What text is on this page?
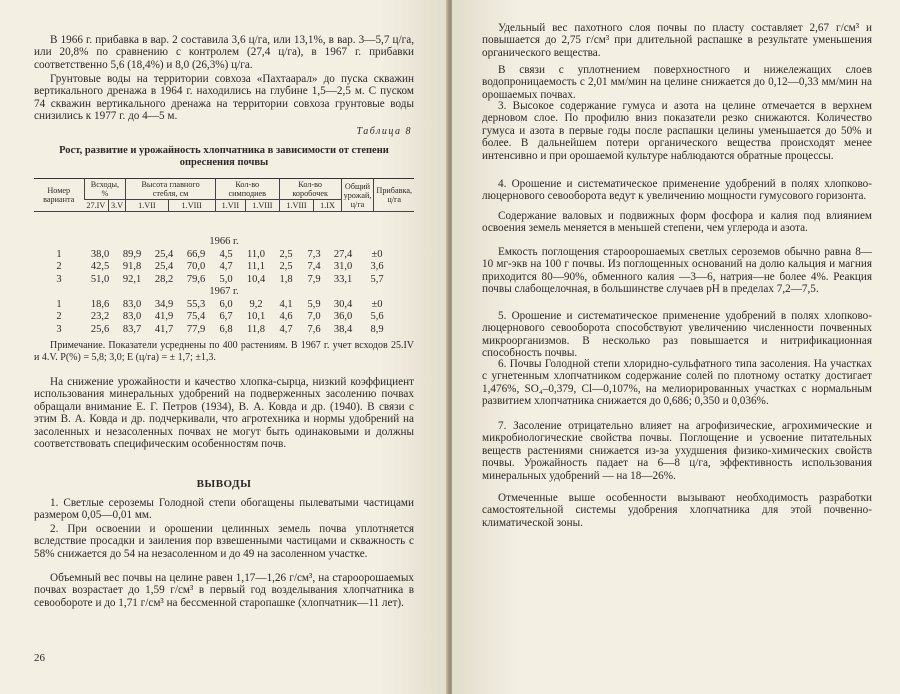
В 1966 г. прибавка в вар. 2 составила 3,6 ц/га, или 13,1%, в вар. 3—5,7 ц/га, или 20,8% по сравнению с контролем (27,4 ц/га), в 1967 г. прибавки соответственно 5,6 (18,4%) и 8,0 (26,3%) ц/га.

Грунтовые воды на территории совхоза «Пахтаарал» до пуска скважин вертикального дренажа в 1964 г. находились на глубине 1,5—2,5 м. С пуском 74 скважин вертикального дренажа на территории совхоза грунтовые воды снизились к 1977 г. до 4—5 м.

Таблица 8
Рост, развитие и урожайность хлопчатника в зависимости от степени опреснения почвы
Номер варианта	Всходы, %		Высота главного стебля, см		Кол-во симподиев		Кол-во коробочек		Общий урожай, ц/га	Прибавка, ц/га
	27.IV	3.V	1.VII	1.VIII	1.VII	1.VIII	1.VIII	1.IX		
1966 г.
1	38,0	89,9	25,4	66,9	4,5	11,0	2,5	7,3	27,4	±0
2	42,5	91,8	25,4	70,0	4,7	11,1	2,5	7,4	31,0	3,6
3	51,0	92,1	28,2	79,6	5,0	10,4	1,8	7,9	33,1	5,7
1967 г.
1	18,6	83,0	34,9	55,3	6,0	9,2	4,1	5,9	30,4	±0
2	23,2	83,0	41,9	75,4	6,7	10,1	4,6	7,0	36,0	5,6
3	25,6	83,7	41,7	77,9	6,8	11,8	4,7	7,6	38,4	8,9
Примечание. Показатели усреднены по 400 растениям. В 1967 г. учет всходов 25.IV и 4.V. P(%) = 5,8; 3,0; E (ц/га) = ± 1,7; ±1,3.

На снижение урожайности и качество хлопка-сырца, низкий коэффициент использования минеральных удобрений на подверженных засолению почвах обращали внимание Е. Г. Петров (1934), В. А. Ковда и др. (1940). В связи с этим В. А. Ковда и др. подчеркивали, что агротехника и нормы удобрений на засоленных и незасоленных почвах не могут быть одинаковыми и должны соответствовать специфическим особенностям почв.

ВЫВОДЫ

1. Светлые сероземы Голодной степи обогащены пылеватыми частицами размером 0,05—0,01 мм.

2. При освоении и орошении целинных земель почва уплотняется вследствие просадки и заиления пор взвешенными частицами и скважность с 58% снижается до 54 на незасоленном и до 49 на засоленном участке.

Объемный вес почвы на целине равен 1,17—1,26 г/см³, на староорошаемых почвах возрастает до 1,59 г/см³ в первый год возделывания хлопчатника в севообороте и до 1,71 г/см³ на бессменной старопашке (хлопчатник—11 лет).

26

Удельный вес пахотного слоя почвы по пласту составляет 2,67 г/см³ и повышается до 2,75 г/см³ при длительной распашке в результате уменьшения органического вещества.

В связи с уплотнением поверхностного и нижележащих слоев водопроницаемость с 2,01 мм/мин на целине снижается до 0,12—0,33 мм/мин на орошаемых почвах.

3. Высокое содержание гумуса и азота на целине отмечается в верхнем дерновом слое. По профилю вниз показатели резко снижаются. Количество гумуса и азота в первые годы после распашки целины уменьшается до 50% и более. В дальнейшем потери органического вещества происходят менее интенсивно и при орошаемой культуре наблюдаются обратные процессы.

4. Орошение и систематическое применение удобрений в полях хлопково-люцернового севооборота ведут к увеличению мощности гумусового горизонта.

Содержание валовых и подвижных форм фосфора и калия под влиянием освоения земель меняется в меньшей степени, чем углерода и азота.

Емкость поглощения староорошаемых светлых сероземов обычно равна 8—10 мг-экв на 100 г почвы. Из поглощенных оснований на долю кальция и магния приходится 80—90%, обменного калия —3—6, натрия—не более 4%. Реакция почвы слабощелочная, в большинстве случаев pH в пределах 7,2—7,5.

5. Орошение и систематическое применение удобрений в полях хлопково-люцернового севооборота способствуют увеличению численности почвенных микроорганизмов. В несколько раз повышается и нитрификационная способность почвы.

6. Почвы Голодной степи хлоридно-сульфатного типа засоления. На участках с угнетенным хлопчатником содержание солей по плотному остатку достигает 1,476%, SO₄–0,379, Cl—0,107%, на мелиорированных участках с нормальным развитием хлопчатника снижается до 0,686; 0,350 и 0,036%.

7. Засоление отрицательно влияет на агрофизические, агрохимические и микробиологические свойства почвы. Поглощение и усвоение питательных веществ растениями снижается из-за ухудшения физико-химических свойств почвы. Урожайность падает на 6—8 ц/га, эффективность использования минеральных удобрений — на 18—26%.

Отмеченные выше особенности вызывают необходимость разработки самостоятельной системы удобрения хлопчатника для этой почвенно-климатической зоны.
